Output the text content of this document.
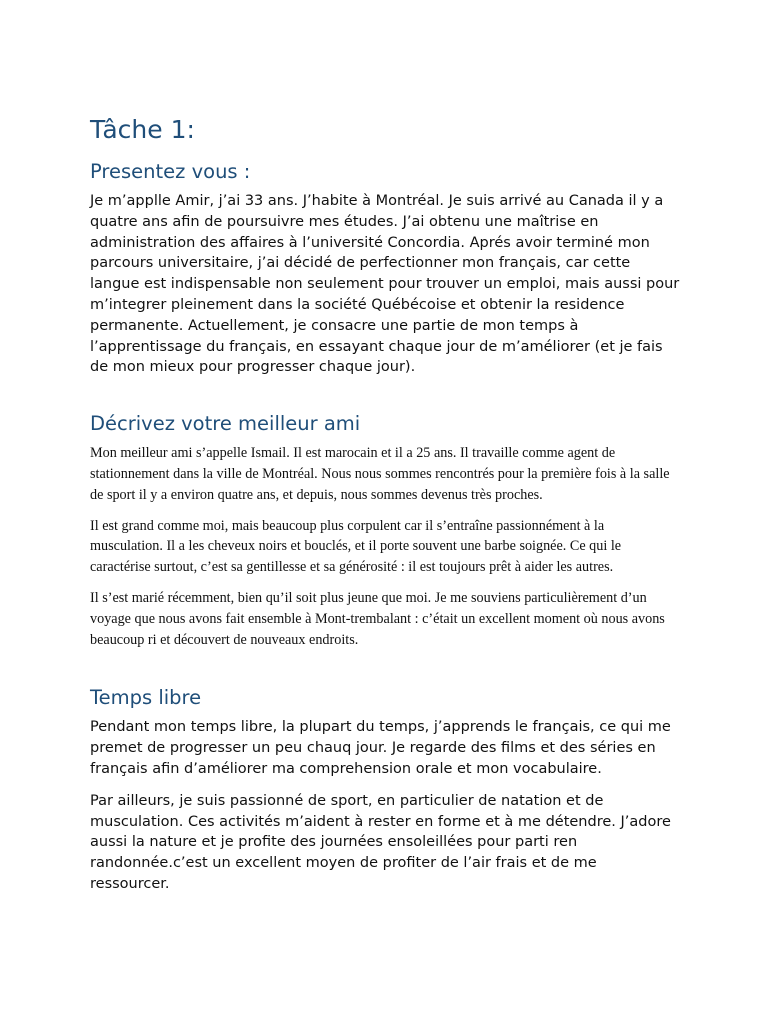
Tâche 1:
Presentez vous :

Je m’applle Amir, j’ai 33 ans. J’habite à Montréal. Je suis arrivé au Canada il y a quatre ans afin de poursuivre mes études. J’ai obtenu une maîtrise en administration des affaires à l’université Concordia. Aprés avoir terminé mon parcours universitaire, j’ai décidé de perfectionner mon français, car cette langue est indispensable non seulement pour trouver un emploi, mais aussi pour m’integrer pleinement dans la société Québécoise et obtenir la residence permanente. Actuellement, je consacre une partie de mon temps à l’apprentissage du français, en essayant chaque jour de m’améliorer (et je fais de mon mieux pour progresser chaque jour).

Décrivez votre meilleur ami

Mon meilleur ami s’appelle Ismail. Il est marocain et il a 25 ans. Il travaille comme agent de stationnement dans la ville de Montréal. Nous nous sommes rencontrés pour la première fois à la salle de sport il y a environ quatre ans, et depuis, nous sommes devenus très proches.

Il est grand comme moi, mais beaucoup plus corpulent car il s’entraîne passionnément à la musculation. Il a les cheveux noirs et bouclés, et il porte souvent une barbe soignée. Ce qui le caractérise surtout, c’est sa gentillesse et sa générosité : il est toujours prêt à aider les autres.

Il s’est marié récemment, bien qu’il soit plus jeune que moi. Je me souviens particulièrement d’un voyage que nous avons fait ensemble à Mont-trembalant : c’était un excellent moment où nous avons beaucoup ri et découvert de nouveaux endroits.

Temps libre

Pendant mon temps libre, la plupart du temps, j’apprends le français, ce qui me premet de progresser un peu chauq jour. Je regarde des films et des séries en français afin d’améliorer ma comprehension orale et mon vocabulaire.

Par ailleurs, je suis passionné de sport, en particulier de natation et de musculation. Ces activités m’aident à rester en forme et à me détendre. J’adore aussi la nature et je profite des journées ensoleillées pour parti ren randonnée.c’est un excellent moyen de profiter de l’air frais et de me ressourcer.
